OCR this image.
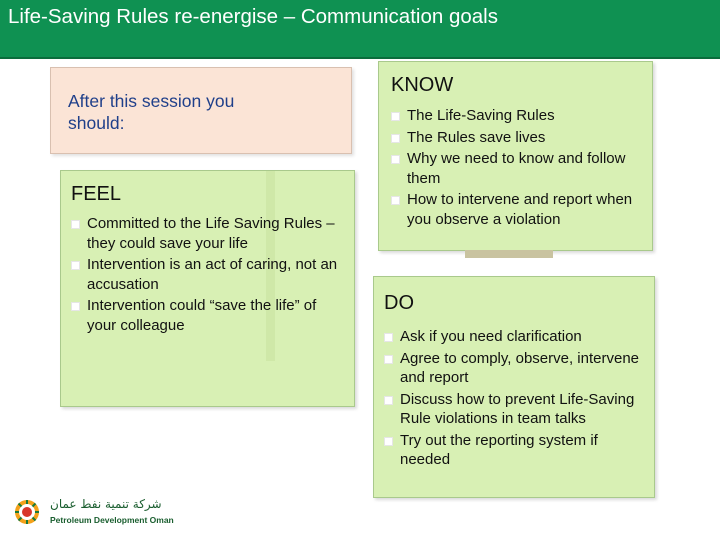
Life-Saving Rules re-energise – Communication goals
After this session you should:
FEEL
Committed to the Life Saving Rules – they could save your life
Intervention is an act of caring, not an accusation
Intervention could “save the life” of your colleague
KNOW
The Life-Saving Rules
The Rules save lives
Why we need to know and follow them
How to intervene and report when you observe a violation
DO
Ask if you need clarification
Agree to comply, observe, intervene and report
Discuss how to prevent Life-Saving Rule violations in team talks
Try out the reporting system if needed
شركة تنمية نفط عمان
Petroleum Development Oman
